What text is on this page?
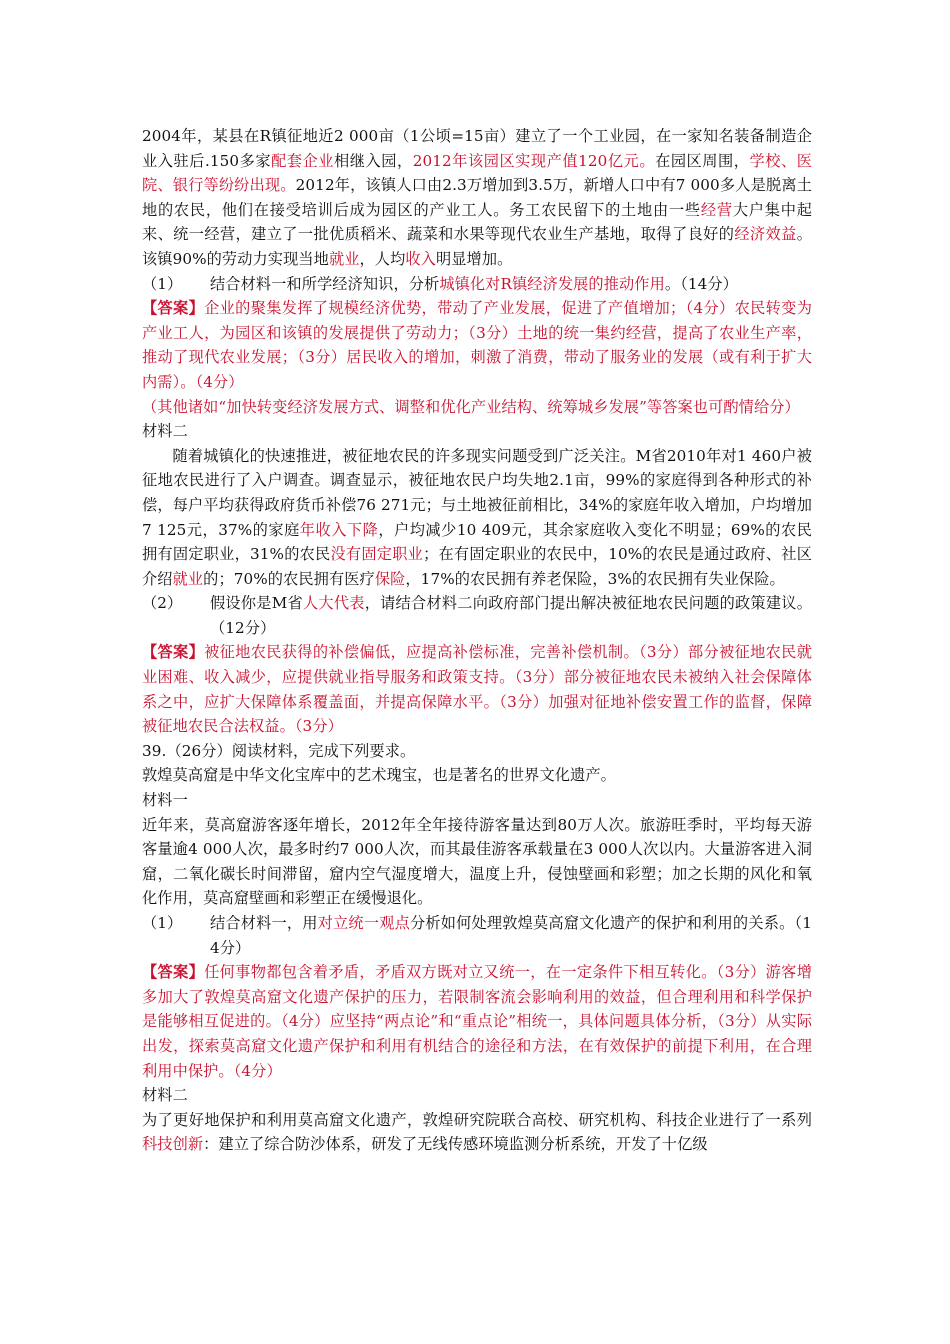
2004年，某县在R镇征地近2 000亩（1公顷=15亩）建立了一个工业园，在一家知名装备制造企业入驻后.150多家配套企业相继入园，2012年该园区实现产值120亿元。在园区周围，学校、医院、银行等纷纷出现。2012年，该镇人口由2.3万增加到3.5万，新增人口中有7 000多人是脱离土地的农民，他们在接受培训后成为园区的产业工人。务工农民留下的土地由一些经营大户集中起来、统一经营，建立了一批优质稻米、蔬菜和水果等现代农业生产基地，取得了良好的经济效益。该镇90%的劳动力实现当地就业，人均收入明显增加。

（1）	结合材料一和所学经济知识，分析城镇化对R镇经济发展的推动作用。（14分）

【答案】企业的聚集发挥了规模经济优势，带动了产业发展，促进了产值增加；（4分）农民转变为产业工人，为园区和该镇的发展提供了劳动力；（3分）土地的统一集约经营，提高了农业生产率，推动了现代农业发展；（3分）居民收入的增加，刺激了消费，带动了服务业的发展（或有利于扩大内需）。（4分）

（其他诸如“加快转变经济发展方式、调整和优化产业结构、统筹城乡发展”等答案也可酌情给分）

材料二

随着城镇化的快速推进，被征地农民的许多现实问题受到广泛关注。M省2010年对1 460户被征地农民进行了入户调查。调查显示，被征地农民户均失地2.1亩，99%的家庭得到各种形式的补偿，每户平均获得政府货币补偿76 271元；与土地被征前相比，34%的家庭年收入增加，户均增加7 125元，37%的家庭年收入下降，户均减少10 409元，其余家庭收入变化不明显；69%的农民拥有固定职业，31%的农民没有固定职业；在有固定职业的农民中，10%的农民是通过政府、社区介绍就业的；70%的农民拥有医疗保险，17%的农民拥有养老保险，3%的农民拥有失业保险。

（2）	假设你是M省人大代表，请结合材料二向政府部门提出解决被征地农民问题的政策建议。（12分）

【答案】被征地农民获得的补偿偏低，应提高补偿标准，完善补偿机制。（3分）部分被征地农民就业困难、收入减少，应提供就业指导服务和政策支持。（3分）部分被征地农民未被纳入社会保障体系之中，应扩大保障体系覆盖面，并提高保障水平。（3分）加强对征地补偿安置工作的监督，保障被征地农民合法权益。（3分）

39.（26分）阅读材料，完成下列要求。

敦煌莫高窟是中华文化宝库中的艺术瑰宝，也是著名的世界文化遗产。

材料一

近年来，莫高窟游客逐年增长，2012年全年接待游客量达到80万人次。旅游旺季时，平均每天游客量逾4 000人次，最多时约7 000人次，而其最佳游客承载量在3 000人次以内。大量游客进入洞窟，二氧化碳长时间滞留，窟内空气湿度增大，温度上升，侵蚀壁画和彩塑；加之长期的风化和氧化作用，莫高窟壁画和彩塑正在缓慢退化。

（1）	结合材料一，用对立统一观点分析如何处理敦煌莫高窟文化遗产的保护和利用的关系。（14分）

【答案】任何事物都包含着矛盾，矛盾双方既对立又统一，在一定条件下相互转化。（3分）游客增多加大了敦煌莫高窟文化遗产保护的压力，若限制客流会影响利用的效益，但合理利用和科学保护是能够相互促进的。（4分）应坚持“两点论”和“重点论”相统一，具体问题具体分析，（3分）从实际出发，探索莫高窟文化遗产保护和利用有机结合的途径和方法，在有效保护的前提下利用，在合理利用中保护。（4分）

材料二

为了更好地保护和利用莫高窟文化遗产，敦煌研究院联合高校、研究机构、科技企业进行了一系列科技创新：建立了综合防沙体系，研发了无线传感环境监测分析系统，开发了十亿级
